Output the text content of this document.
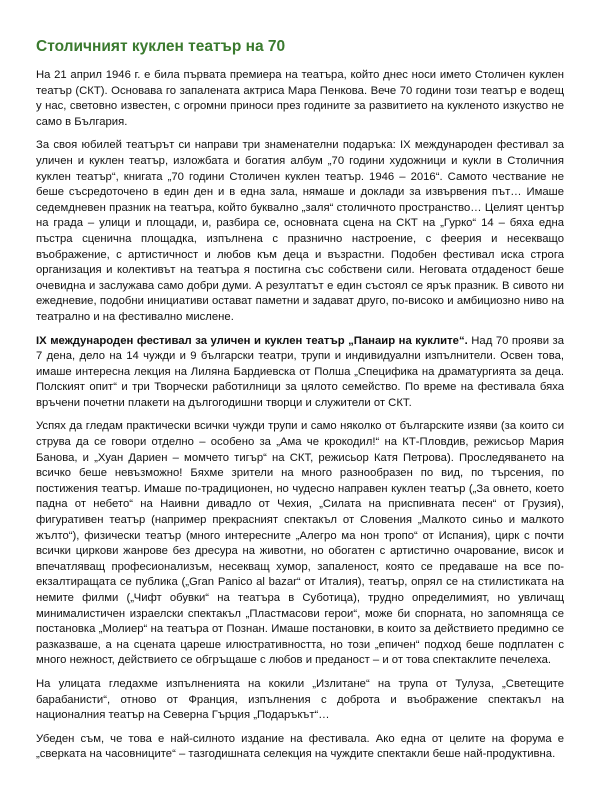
Столичният куклен театър на 70

На 21 април 1946 г. е била първата премиера на театъра, който днес носи името Столичен куклен театър (СКТ). Основава го запалената актриса Мара Пенкова. Вече 70 години този театър е водещ у нас, световно известен, с огромни приноси през годините за развитието на кукленото изкуство не само в България.

За своя юбилей театърът си направи три знаменателни подаръка: IX международен фестивал за уличен и куклен театър, изложбата и богатия албум „70 години художници и кукли в Столичния куклен театър“, книгата „70 години Столичен куклен театър. 1946 – 2016“. Самото чествание не беше съсредоточено в един ден и в една зала, нямаше и доклади за извървения път… Имаше седемдневен празник на театъра, който буквално „заля“ столичното пространство… Целият център на града – улици и площади, и, разбира се, основната сцена на СКТ на „Гурко“ 14 – бяха една пъстра сценична площадка, изпълнена с празнично настроение, с феерия и несекващо въображение, с артистичност и любов към деца и възрастни. Подобен фестивал иска строга организация и колективът на театъра я постигна със собствени сили. Неговата отдаденост беше очевидна и заслужава само добри думи. А резултатът е един състоял се ярък празник. В сивото ни ежедневие, подобни инициативи остават паметни и задават друго, по-високо и амбициозно ниво на театрално и на фестивално мислене.

IX международен фестивал за уличен и куклен театър „Панаир на куклите“. Над 70 прояви за 7 дена, дело на 14 чужди и 9 български театри, трупи и индивидуални изпълнители. Освен това, имаше интересна лекция на Лиляна Бардиевска от Полша „Спецификa на драматургията за деца. Полският опит“ и три Творчески работилници за цялото семейство. По време на фестивала бяха връчени почетни плакети на дългогодишни творци и служители от СКТ.

Успях да гледам практически всички чужди трупи и само няколко от българските изяви (за които си струва да се говори отделно – особено за „Ама че крокодил!“ на КТ-Пловдив, режисьор Мария Банова, и „Хуан Дариен – момчето тигър“ на СКТ, режисьор Катя Петрова). Проследяването на всичко беше невъзможно! Бяхме зрители на много разнообразен по вид, по търсения, по постижения театър. Имаше по-традиционен, но чудесно направен куклен театър („За овнето, което падна от небето“ на Наивни дивадло от Чехия, „Силата на приспивната песен“ от Грузия), фигуративен театър (например прекрасният спектакъл от Словения „Малкото синьо и малкото жълто“), физически театър (много интересните „Алегро ма нон тропо“ от Испания), цирк с почти всички циркови жанрове без дресура на животни, но обогатен с артистично очарование, висок и впечатляващ професионализъм, несекващ хумор, запаленост, която се предаваше на все по-екзалтиращата се публика („Gran Panico al bazar“ от Италия), театър, опрял се на стилистиката на немите филми („Чифт обувки“ на театъра в Суботица), трудно определимият, но увличащ минималистичен израелски спектакъл „Пластмасови герои“, може би спорната, но запомняща се постановка „Молиер“ на театъра от Познан. Имаше постановки, в които за действието предимно се разказваше, а на сцената цареше илюстративността, но този „епичен“ подход беше подплатен с много нежност, действието се обгръщаше с любов и преданост – и от това спектаклите печелеха.

На улицата гледахме изпълненията на кокили „Излитане“ на трупа от Тулуза, „Светещите барабанисти“, отново от Франция, изпълнения с доброта и въображение спектакъл на националния театър на Северна Гърция „Подаръкът“…

Убеден съм, че това е най-силното издание на фестивала. Ако една от целите на форума е „сверката на часовниците“ – тазгодишната селекция на чуждите спектакли беше най-продуктивна.
